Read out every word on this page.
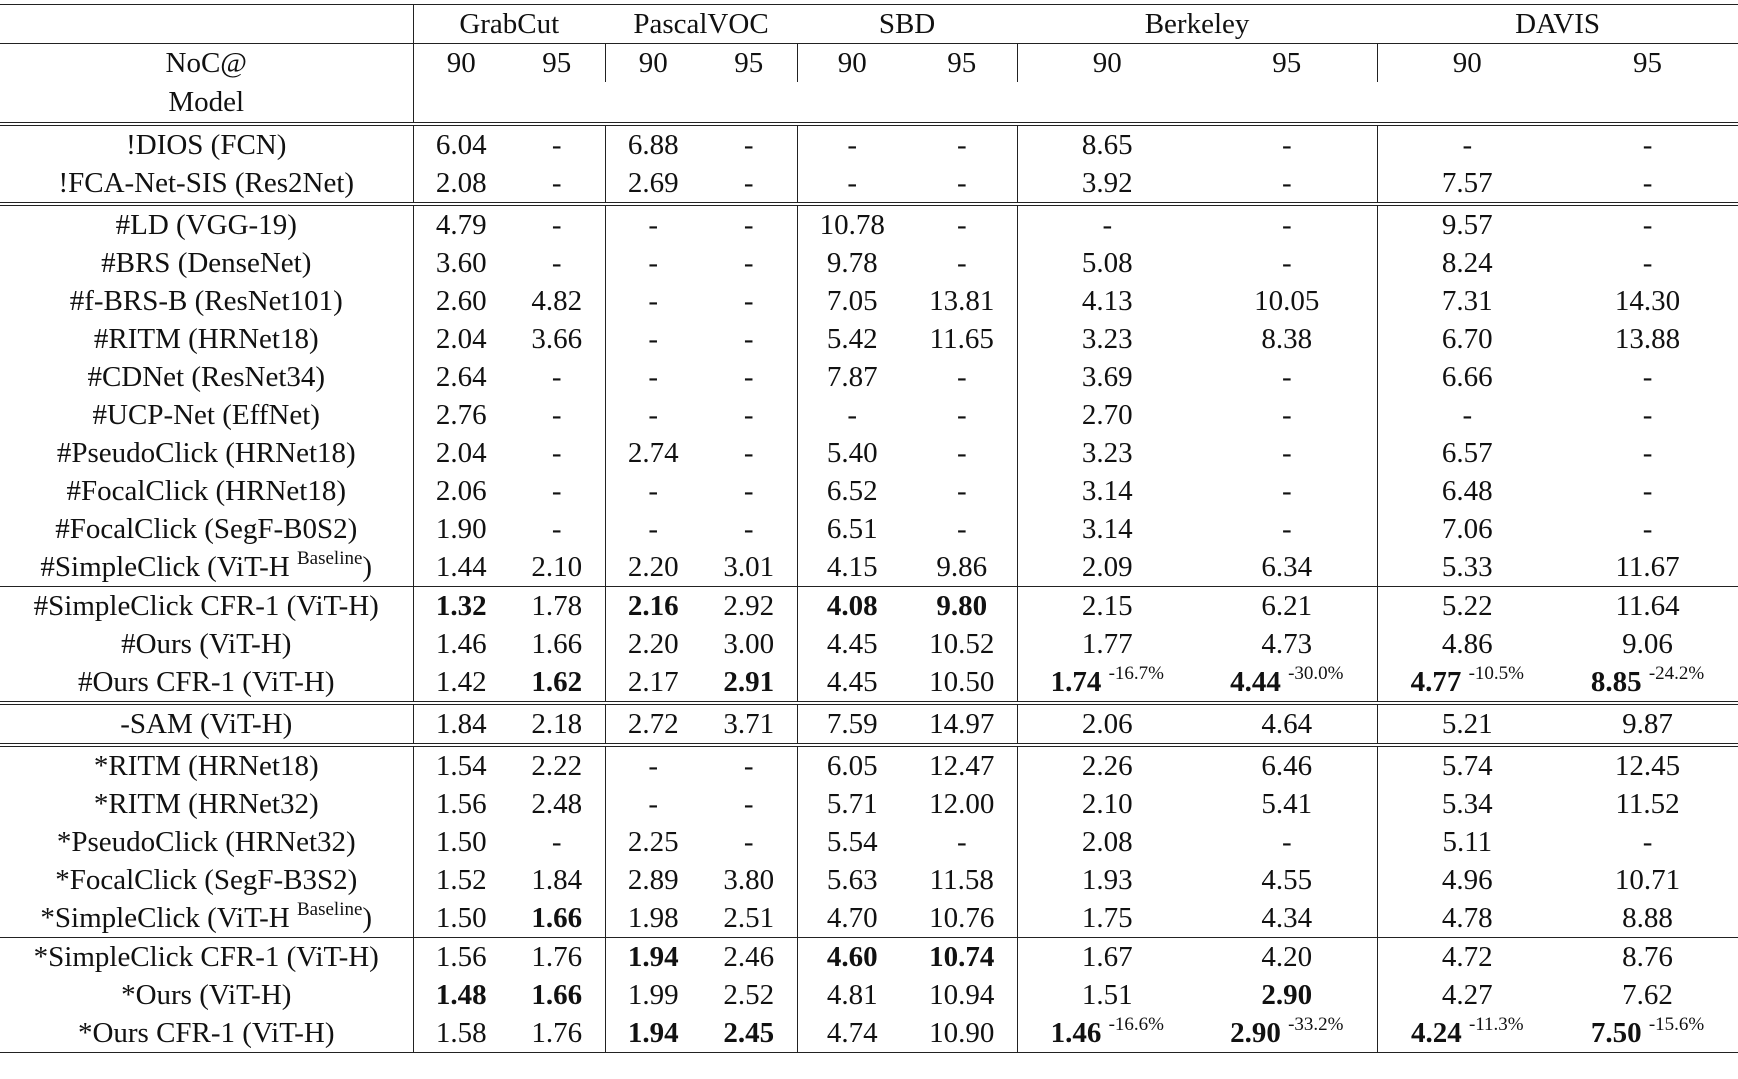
	GrabCut		PascalVOC		SBD		Berkeley		DAVIS	
NoC@	90	95	90	95	90	95	90	95	90	95
Model										
!DIOS (FCN)	6.04	-	6.88	-	-	-	8.65	-	-	-
!FCA-Net-SIS (Res2Net)	2.08	-	2.69	-	-	-	3.92	-	7.57	-
#LD (VGG-19)	4.79	-	-	-	10.78	-	-	-	9.57	-
#BRS (DenseNet)	3.60	-	-	-	9.78	-	5.08	-	8.24	-
#f-BRS-B (ResNet101)	2.60	4.82	-	-	7.05	13.81	4.13	10.05	7.31	14.30
#RITM (HRNet18)	2.04	3.66	-	-	5.42	11.65	3.23	8.38	6.70	13.88
#CDNet (ResNet34)	2.64	-	-	-	7.87	-	3.69	-	6.66	-
#UCP-Net (EffNet)	2.76	-	-	-	-	-	2.70	-	-	-
#PseudoClick (HRNet18)	2.04	-	2.74	-	5.40	-	3.23	-	6.57	-
#FocalClick (HRNet18)	2.06	-	-	-	6.52	-	3.14	-	6.48	-
#FocalClick (SegF-B0S2)	1.90	-	-	-	6.51	-	3.14	-	7.06	-
#SimpleClick (ViT-H $^{Baseline}$)	1.44	2.10	2.20	3.01	4.15	9.86	2.09	6.34	5.33	11.67
#SimpleClick CFR-1 (ViT-H)	1.32	1.78	2.16	2.92	4.08	9.80	2.15	6.21	5.22	11.64
#Ours (ViT-H)	1.46	1.66	2.20	3.00	4.45	10.52	1.77	4.73	4.86	9.06
#Ours CFR-1 (ViT-H)	1.42	1.62	2.17	2.91	4.45	10.50	1.74 $^{-16.7\%}$	4.44 $^{-30.0\%}$	4.77 $^{-10.5\%}$	8.85 $^{-24.2\%}$
-SAM (ViT-H)	1.84	2.18	2.72	3.71	7.59	14.97	2.06	4.64	5.21	9.87
*RITM (HRNet18)	1.54	2.22	-	-	6.05	12.47	2.26	6.46	5.74	12.45
*RITM (HRNet32)	1.56	2.48	-	-	5.71	12.00	2.10	5.41	5.34	11.52
*PseudoClick (HRNet32)	1.50	-	2.25	-	5.54	-	2.08	-	5.11	-
*FocalClick (SegF-B3S2)	1.52	1.84	2.89	3.80	5.63	11.58	1.93	4.55	4.96	10.71
*SimpleClick (ViT-H $^{Baseline}$)	1.50	1.66	1.98	2.51	4.70	10.76	1.75	4.34	4.78	8.88
*SimpleClick CFR-1 (ViT-H)	1.56	1.76	1.94	2.46	4.60	10.74	1.67	4.20	4.72	8.76
*Ours (ViT-H)	1.48	1.66	1.99	2.52	4.81	10.94	1.51	2.90	4.27	7.62
*Ours CFR-1 (ViT-H)	1.58	1.76	1.94	2.45	4.74	10.90	1.46 $^{-16.6\%}$	2.90 $^{-33.2\%}$	4.24 $^{-11.3\%}$	7.50 $^{-15.6\%}$
